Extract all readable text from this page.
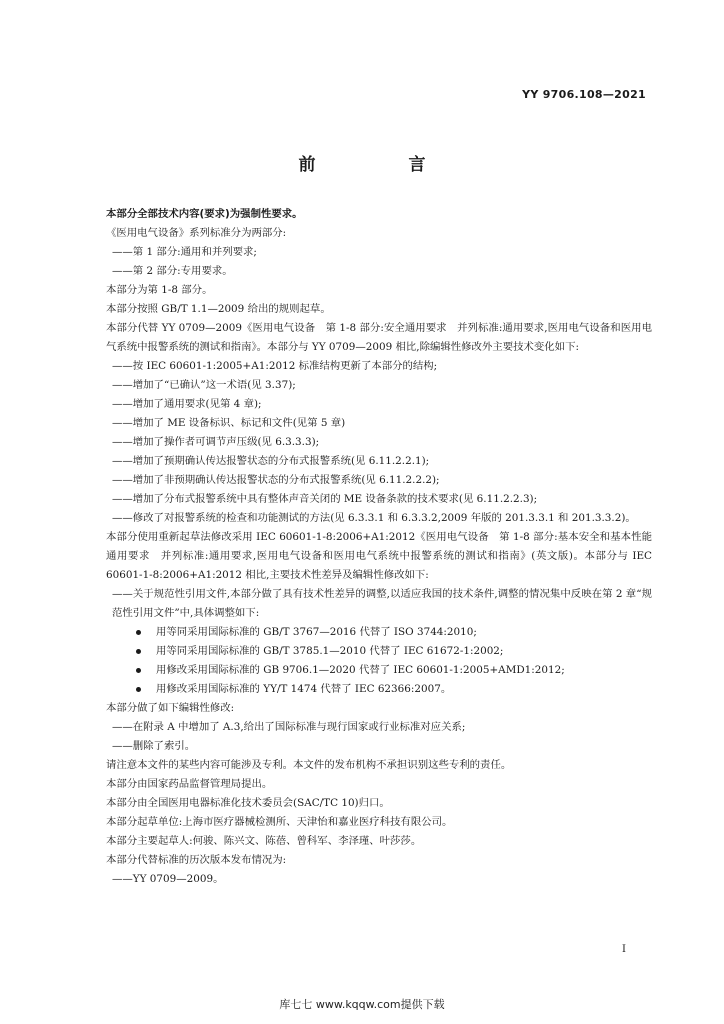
YY 9706.108—2021
前　言
本部分全部技术内容(要求)为强制性要求。
《医用电气设备》系列标准分为两部分:
——第 1 部分:通用和并列要求;
——第 2 部分:专用要求。
本部分为第 1-8 部分。
本部分按照 GB/T 1.1—2009 给出的规则起草。
本部分代替 YY 0709—2009《医用电气设备　第 1-8 部分:安全通用要求　并列标准:通用要求,医用电气设备和医用电气系统中报警系统的测试和指南》。本部分与 YY 0709—2009 相比,除编辑性修改外主要技术变化如下:
——按 IEC 60601-1:2005+A1:2012 标准结构更新了本部分的结构;
——增加了“已确认”这一术语(见 3.37);
——增加了通用要求(见第 4 章);
——增加了 ME 设备标识、标记和文件(见第 5 章)
——增加了操作者可调节声压级(见 6.3.3.3);
——增加了预期确认传达报警状态的分布式报警系统(见 6.11.2.2.1);
——增加了非预期确认传达报警状态的分布式报警系统(见 6.11.2.2.2);
——增加了分布式报警系统中具有整体声音关闭的 ME 设备条款的技术要求(见 6.11.2.2.3);
——修改了对报警系统的检查和功能测试的方法(见 6.3.3.1 和 6.3.3.2,2009 年版的 201.3.3.1 和 201.3.3.2)。
本部分使用重新起草法修改采用 IEC 60601-1-8:2006+A1:2012《医用电气设备　第 1-8 部分:基本安全和基本性能通用要求　并列标准:通用要求,医用电气设备和医用电气系统中报警系统的测试和指南》(英文版)。本部分与 IEC 60601-1-8:2006+A1:2012 相比,主要技术性差异及编辑性修改如下:
——关于规范性引用文件,本部分做了具有技术性差异的调整,以适应我国的技术条件,调整的情况集中反映在第 2 章“规范性引用文件”中,具体调整如下:
用等同采用国际标准的 GB/T 3767—2016 代替了 ISO 3744:2010;
用等同采用国际标准的 GB/T 3785.1—2010 代替了 IEC 61672-1:2002;
用修改采用国际标准的 GB 9706.1—2020 代替了 IEC 60601-1:2005+AMD1:2012;
用修改采用国际标准的 YY/T 1474 代替了 IEC 62366:2007。
本部分做了如下编辑性修改:
——在附录 A 中增加了 A.3,给出了国际标准与现行国家或行业标准对应关系;
——删除了索引。
请注意本文件的某些内容可能涉及专利。本文件的发布机构不承担识别这些专利的责任。
本部分由国家药品监督管理局提出。
本部分由全国医用电器标准化技术委员会(SAC/TC 10)归口。
本部分起草单位:上海市医疗器械检测所、天津怡和嘉业医疗科技有限公司。
本部分主要起草人:何骏、陈兴文、陈蓓、曾科军、李泽瑾、叶莎莎。
本部分代替标准的历次版本发布情况为:
——YY 0709—2009。
I
库七七 www.kqqw.com提供下载
